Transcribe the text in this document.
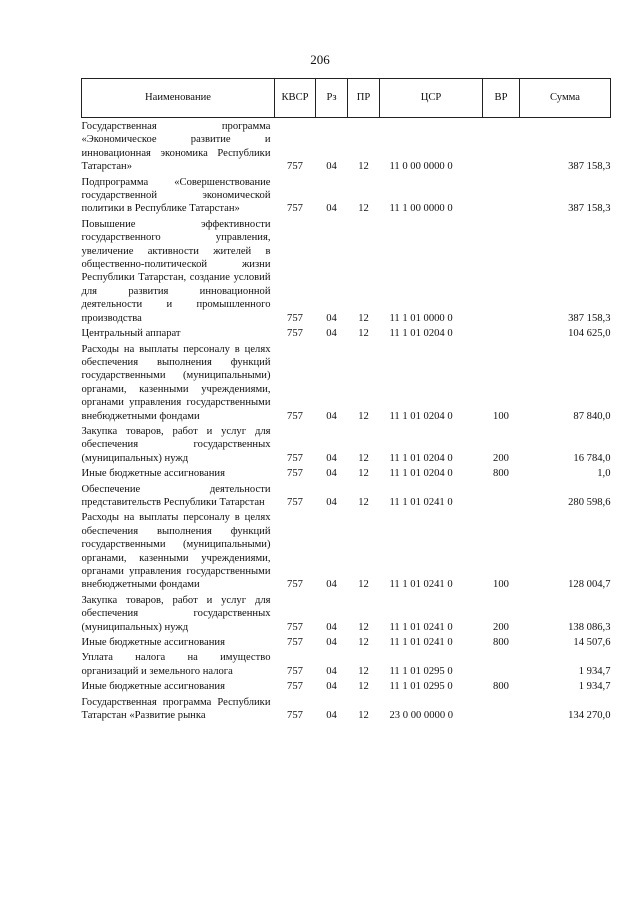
206
Наименование	КВСР	Рз	ПР	ЦСР	ВР	Сумма
Государственная программа «Экономическое развитие и инновационная экономика Республики Татарстан»	757	04	12	11 0 00 0000 0		387 158,3
Подпрограмма «Совершенствование государственной экономической политики в Республике Татарстан»	757	04	12	11 1 00 0000 0		387 158,3
Повышение эффективности государственного управления, увеличение активности жителей в общественно-политической жизни Республики Татарстан, создание условий для развития инновационной деятельности и промышленного производства	757	04	12	11 1 01 0000 0		387 158,3
Центральный аппарат	757	04	12	11 1 01 0204 0		104 625,0
Расходы на выплаты персоналу в целях обеспечения выполнения функций государственными (муниципальными) органами, казенными учреждениями, органами управления государственными внебюджетными фондами	757	04	12	11 1 01 0204 0	100	87 840,0
Закупка товаров, работ и услуг для обеспечения государственных (муниципальных) нужд	757	04	12	11 1 01 0204 0	200	16 784,0
Иные бюджетные ассигнования	757	04	12	11 1 01 0204 0	800	1,0
Обеспечение деятельности представительств Республики Татарстан	757	04	12	11 1 01 0241 0		280 598,6
Расходы на выплаты персоналу в целях обеспечения выполнения функций государственными (муниципальными) органами, казенными учреждениями, органами управления государственными внебюджетными фондами	757	04	12	11 1 01 0241 0	100	128 004,7
Закупка товаров, работ и услуг для обеспечения государственных (муниципальных) нужд	757	04	12	11 1 01 0241 0	200	138 086,3
Иные бюджетные ассигнования	757	04	12	11 1 01 0241 0	800	14 507,6
Уплата налога на имущество организаций и земельного налога	757	04	12	11 1 01 0295 0		1 934,7
Иные бюджетные ассигнования	757	04	12	11 1 01 0295 0	800	1 934,7
Государственная программа Республики Татарстан «Развитие рынка	757	04	12	23 0 00 0000 0		134 270,0
